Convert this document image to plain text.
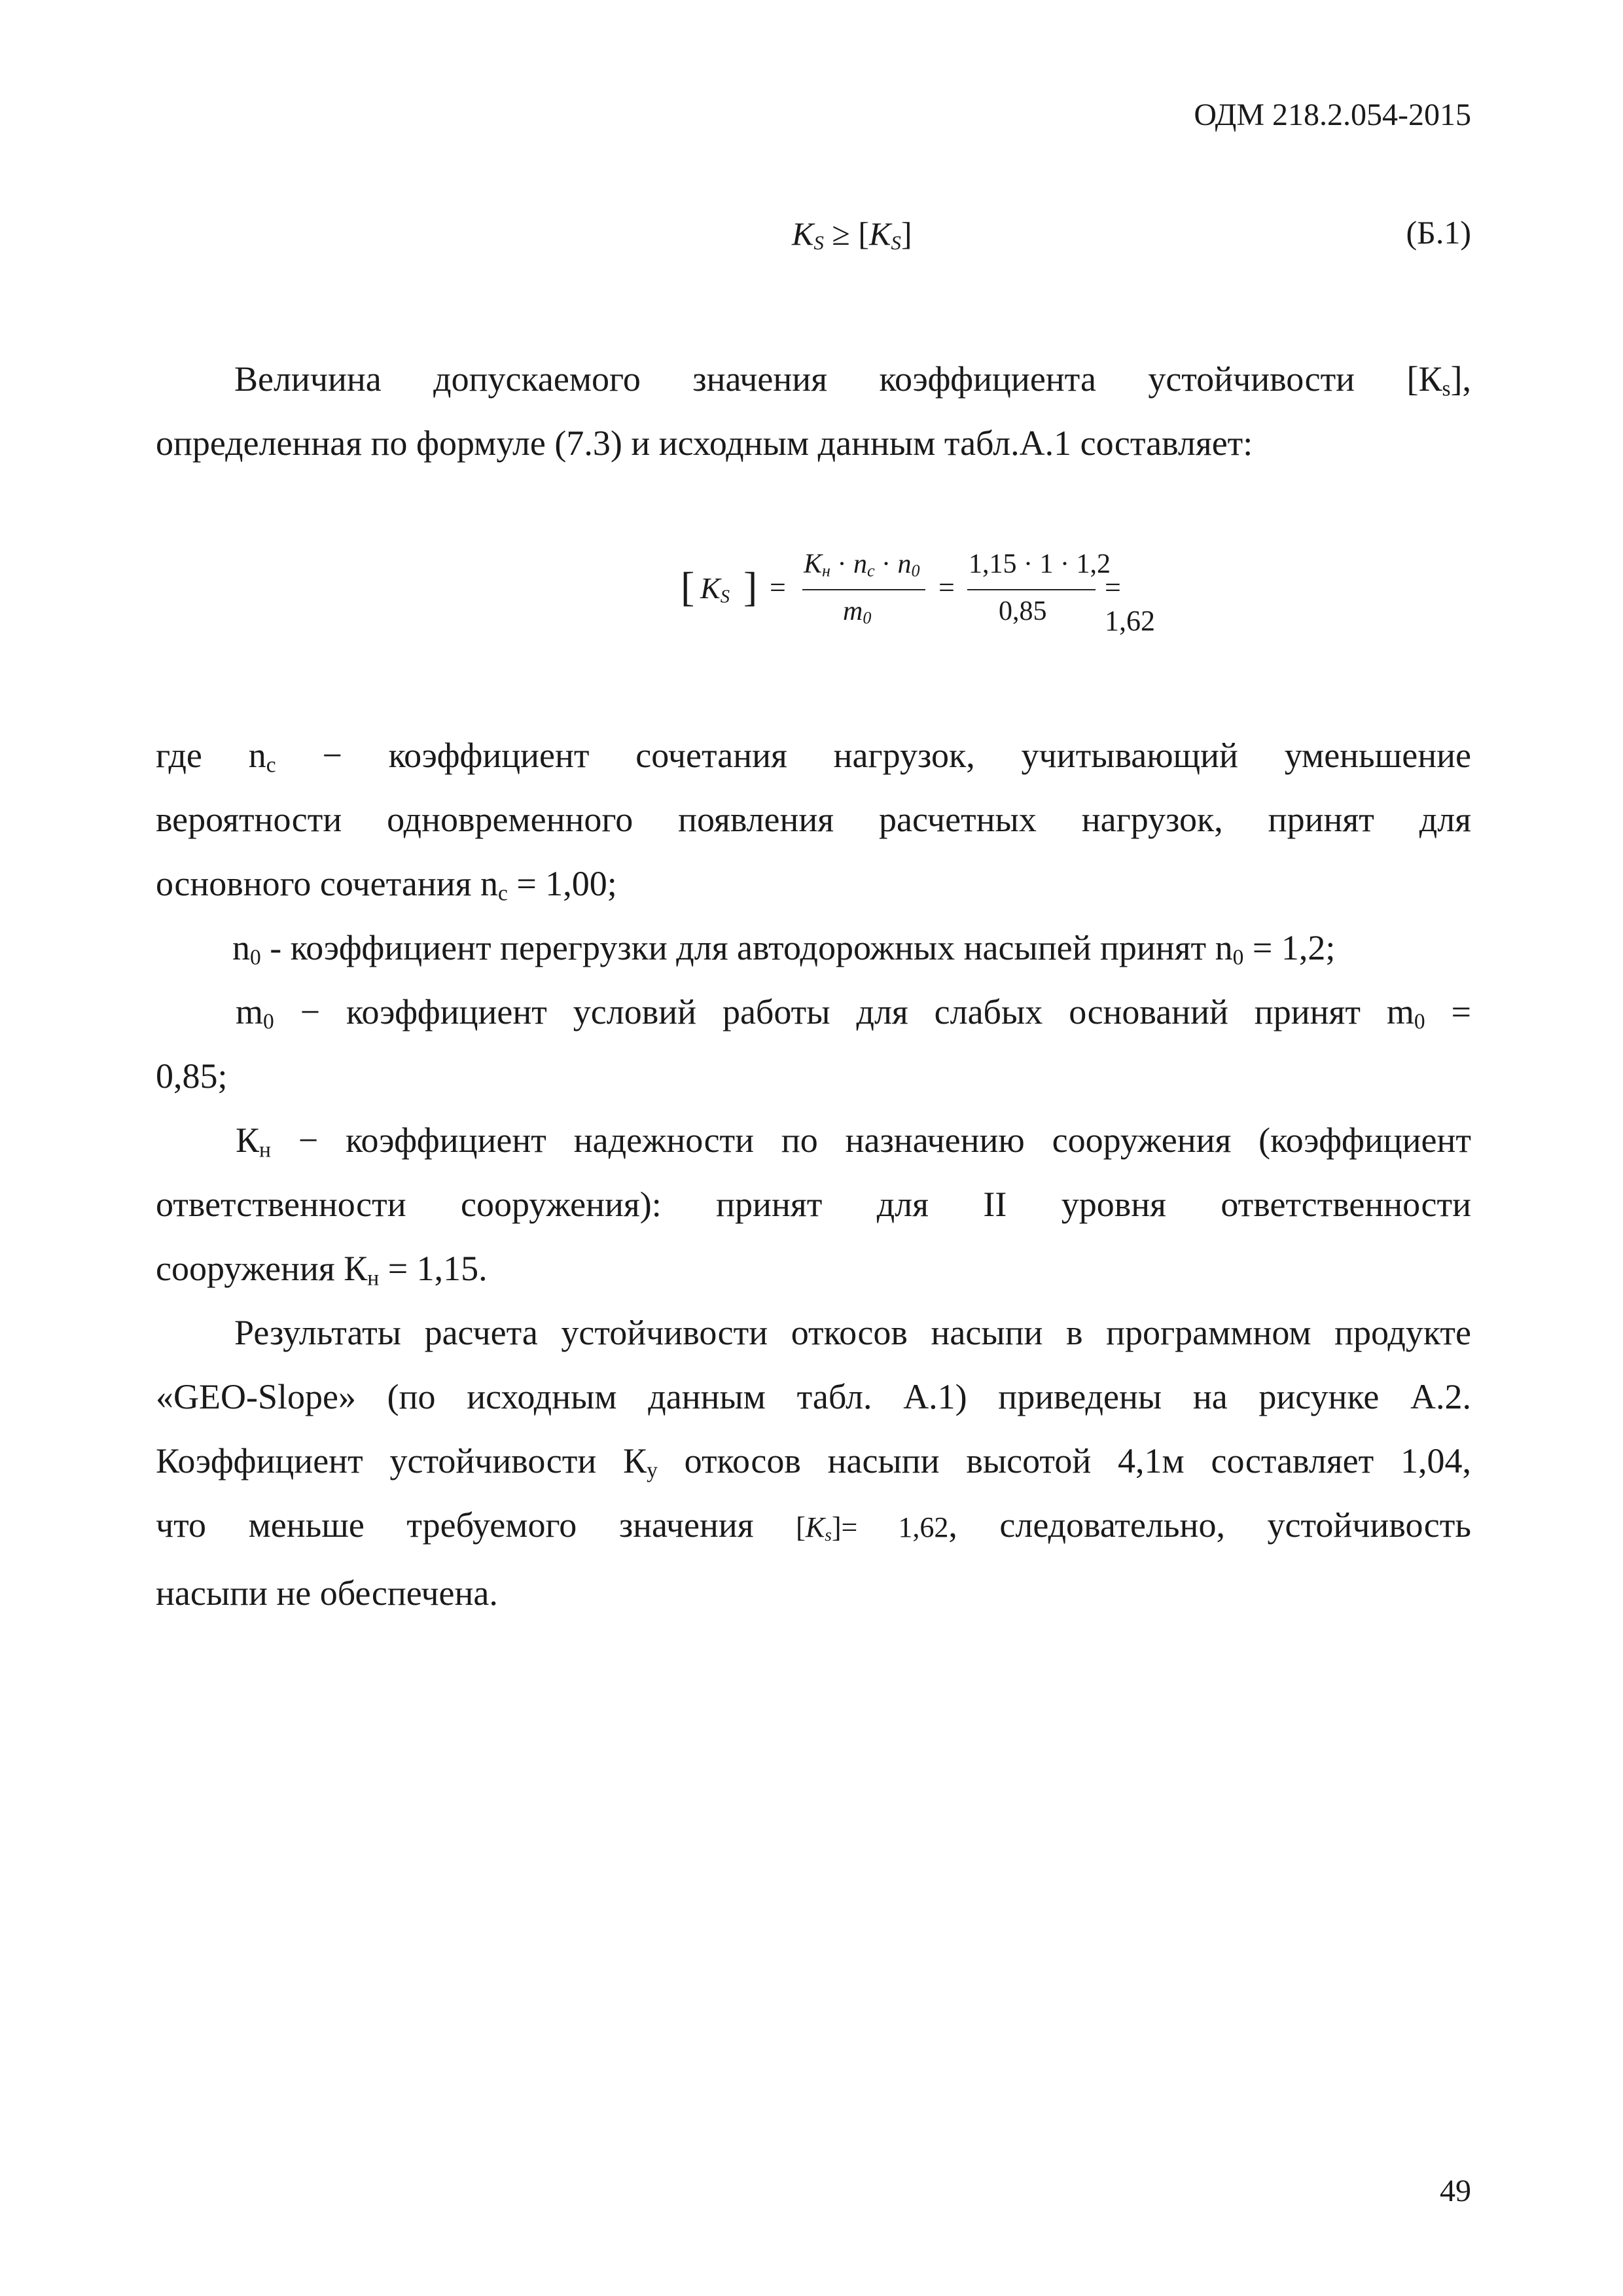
ОДМ 218.2.054-2015
$K_S \ge [K_S]$	(Б.1)
Величина допускаемого значения коэффициента устойчивости $[К_s]$,
определенная по формуле (7.3) и исходным данным табл.А.1 составляет:
[ $K_S$ ] =
$K_н \cdot n_c \cdot n_0$
$m_0$
=
1,15 · 1 · 1,2
0,85
= 1,62
где $n_c$ − коэффициент сочетания нагрузок, учитывающий уменьшение
вероятности одновременного появления расчетных нагрузок, принят для
основного сочетания $n_c = 1,00$;
$n_0$ - коэффициент перегрузки для автодорожных насыпей принят $n_0 = 1,2$;
$m_0$ − коэффициент условий работы для слабых оснований принят $m_0$ =
0,85;
$К_н$ − коэффициент надежности по назначению сооружения (коэффициент
ответственности сооружения): принят для II уровня ответственности
сооружения $К_н = 1,15$.
Результаты расчета устойчивости откосов насыпи в программном продукте
«GEO-Slope» (по исходным данным табл. А.1) приведены на рисунке А.2.
Коэффициент устойчивости $К_у$ откосов насыпи высотой 4,1м составляет 1,04,
что меньше требуемого значения $[K_s]= 1,62$, следовательно, устойчивость
насыпи не обеспечена.
49
